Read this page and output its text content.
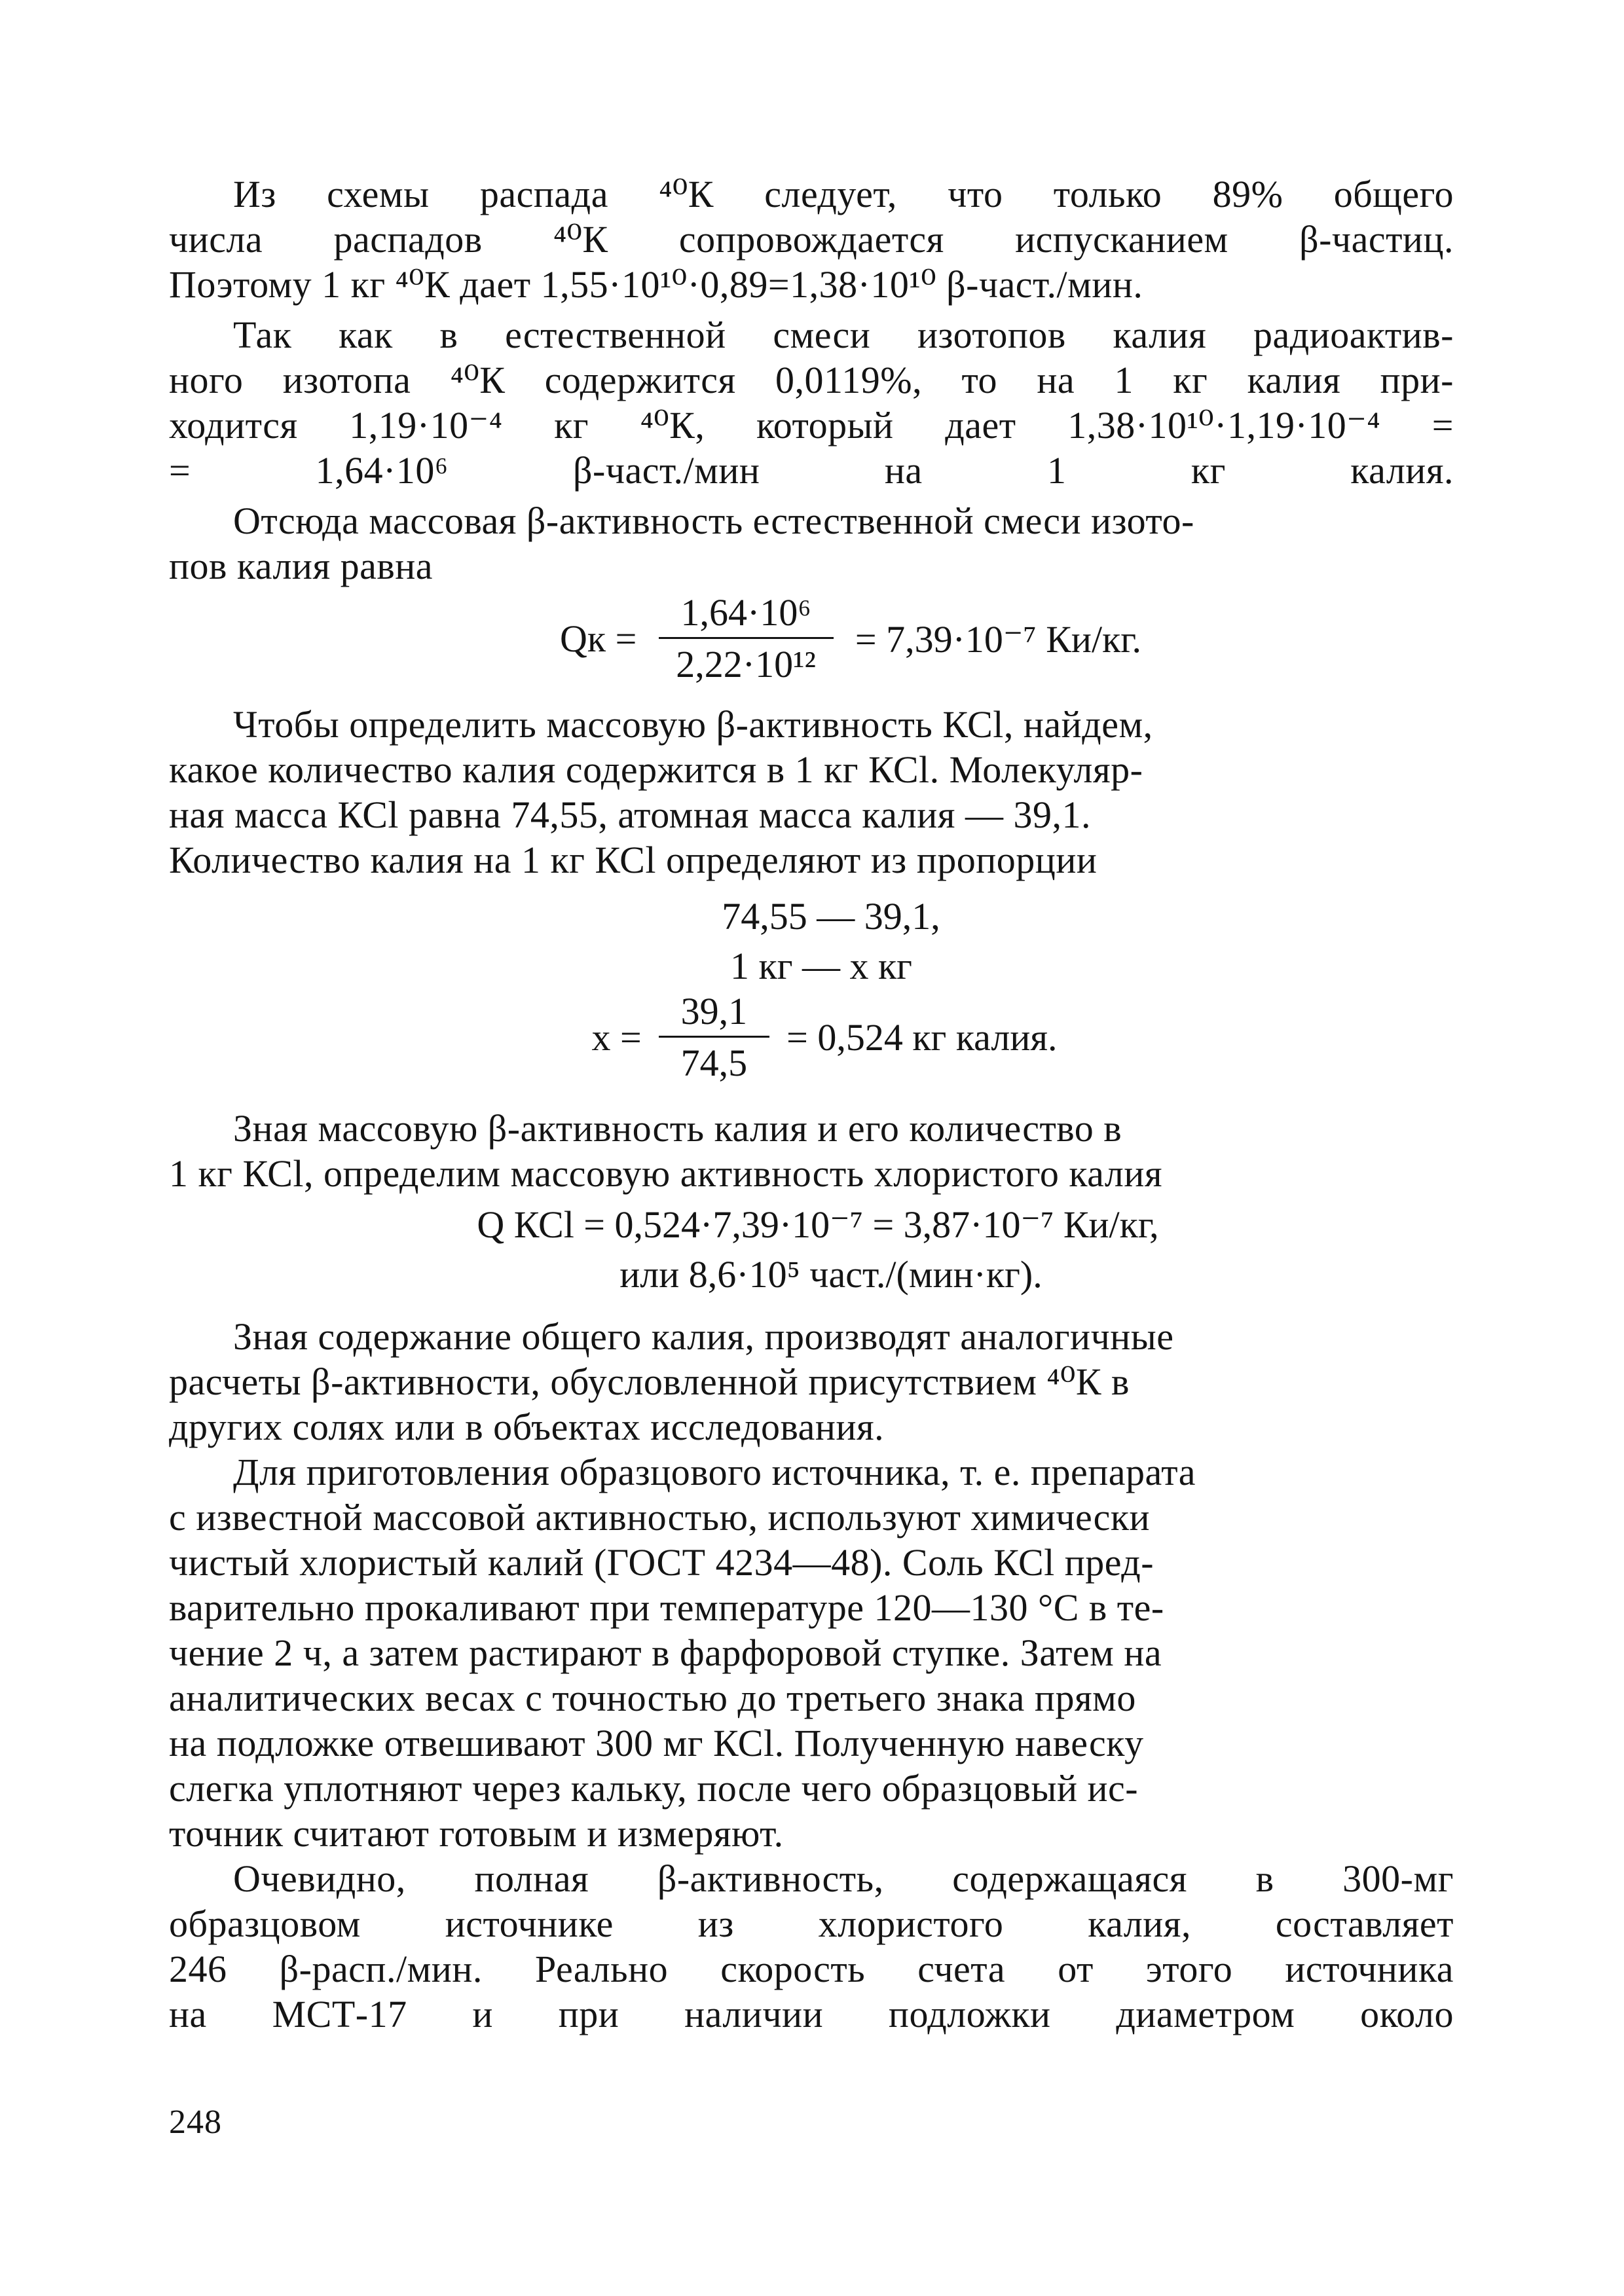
Из схемы распада ⁴⁰К следует, что только 89% общего
числа распадов ⁴⁰К сопровождается испусканием β-частиц.
Поэтому 1 кг ⁴⁰К дает 1,55·10¹⁰·0,89=1,38·10¹⁰ β-част./мин.

Так как в естественной смеси изотопов калия радиоактив-
ного изотопа ⁴⁰К содержится 0,0119%, то на 1 кг калия при-
ходится 1,19·10⁻⁴ кг ⁴⁰К, который дает 1,38·10¹⁰·1,19·10⁻⁴ =
= 1,64·10⁶ β-част./мин на 1 кг калия.

Отсюда массовая β-активность естественной смеси изото-
пов калия равна

Qк = $\frac{\text{1,64·10⁶}}{\text{2,22·10¹²}} = 7,39\cdot 10^{-7}$ Ки/кг.

Чтобы определить массовую β-активность КСl, найдем,
какое количество калия содержится в 1 кг КСl. Молекуляр-
ная масса КСl равна 74,55, атомная масса калия — 39,1.
Количество калия на 1 кг КСl определяют из пропорции

74,55 — 39,1,
1 кг — х кг
$х = \frac{39,1}{74,5} = 0,524$ кг калия.

Зная массовую β-активность калия и его количество в
1 кг КСl, определим массовую активность хлористого калия

Q КСl = 0,524·7,39·10⁻⁷ = 3,87·10⁻⁷ Ки/кг,
или 8,6·10⁵ част./(мин·кг).

Зная содержание общего калия, производят аналогичные
расчеты β-активности, обусловленной присутствием ⁴⁰К в
других солях или в объектах исследования.

Для приготовления образцового источника, т. е. препарата
с известной массовой активностью, используют химически
чистый хлористый калий (ГОСТ 4234—48). Соль КСl пред-
варительно прокаливают при температуре 120—130 °С в те-
чение 2 ч, а затем растирают в фарфоровой ступке. Затем на
аналитических весах с точностью до третьего знака прямо
на подложке отвешивают 300 мг КСl. Полученную навеску
слегка уплотняют через кальку, после чего образцовый ис-
точник считают готовым и измеряют.

Очевидно, полная β-активность, содержащаяся в 300-мг
образцовом источнике из хлористого калия, составляет
246 β-расп./мин. Реально скорость счета от этого источника
на МСТ-17 и при наличии подложки диаметром около

248
